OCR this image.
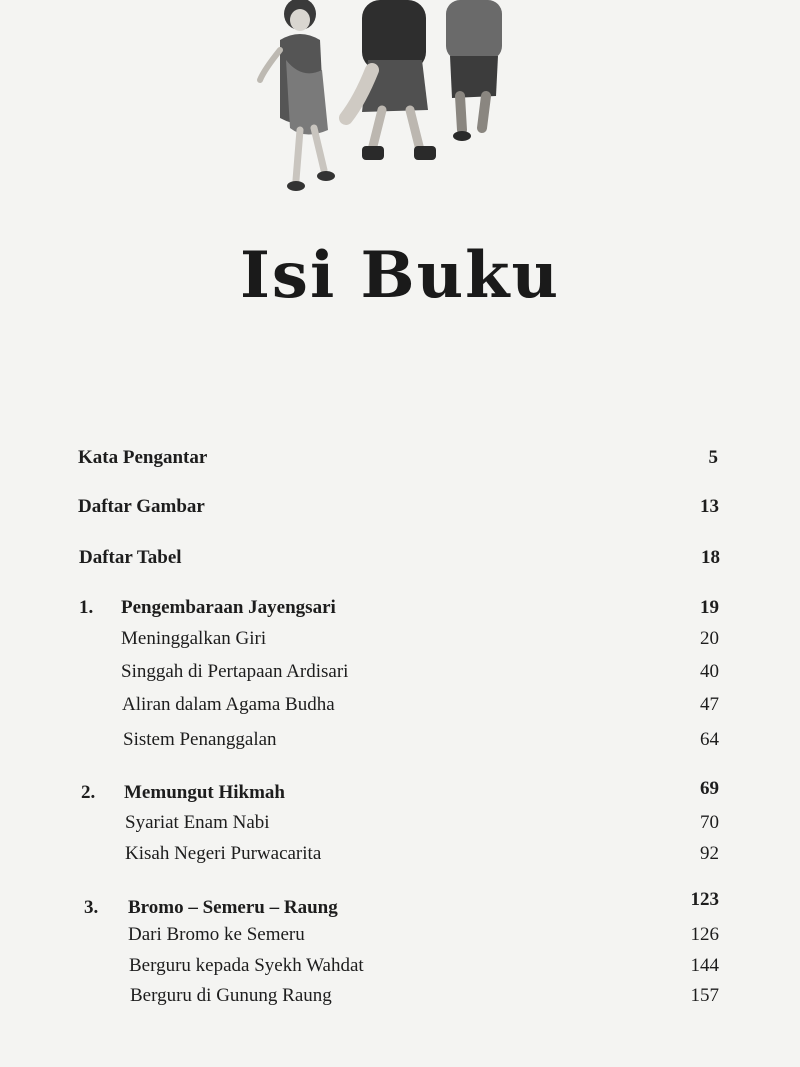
Isi Buku
Kata Pengantar	5
Daftar Gambar	13
Daftar Tabel	18
1. Pengembaraan Jayengsari	19
Meninggalkan Giri	20
Singgah di Pertapaan Ardisari	40
Aliran dalam Agama Budha	47
Sistem Penanggalan	64
2. Memungut Hikmah	69
Syariat Enam Nabi	70
Kisah Negeri Purwacarita	92
3. Bromo – Semeru – Raung	123
Dari Bromo ke Semeru	126
Berguru kepada Syekh Wahdat	144
Berguru di Gunung Raung	157
